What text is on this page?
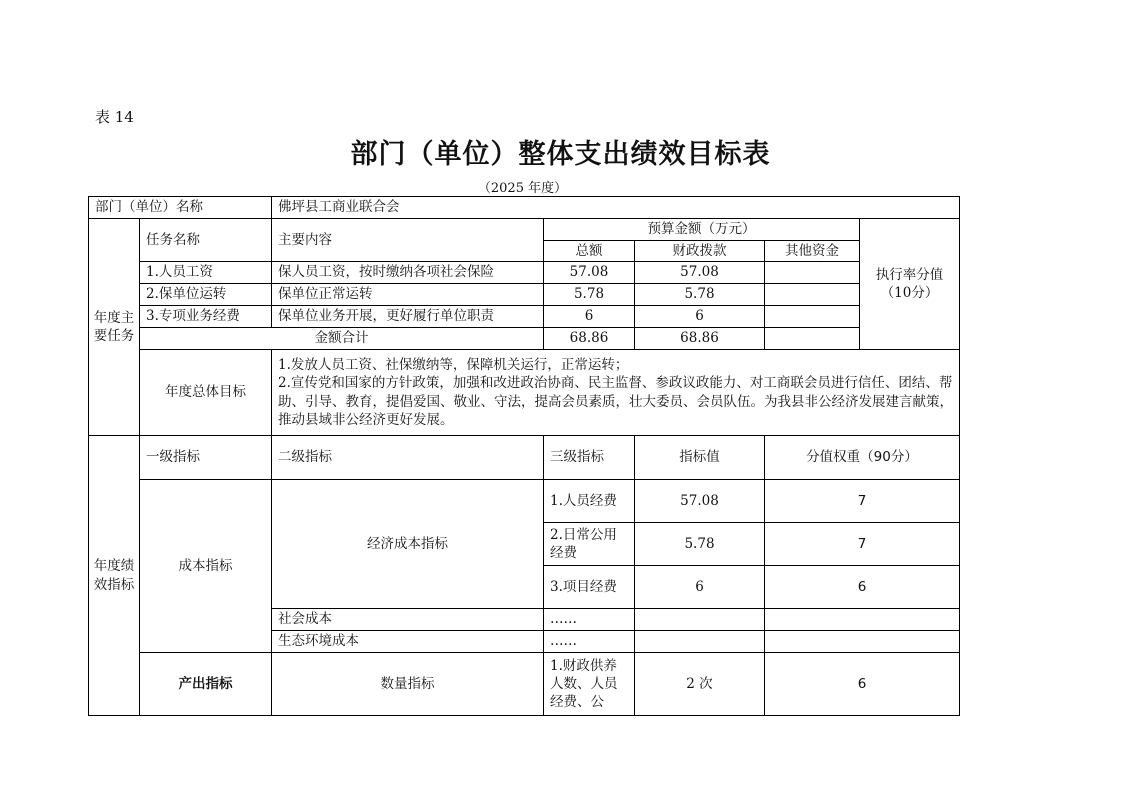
表 14
部门（单位）整体支出绩效目标表
（2025 年度）
部门（单位）名称		佛坪县工商业联合会				
年度主要任务	任务名称	主要内容	预算金额（万元）			执行率分值
（10分）

			总额	财政拨款	其他资金	
	1.人员工资	保人员工资，按时缴纳各项社会保险	57.08	57.08		
	2.保单位运转	保单位正常运转	5.78	5.78		
	3.专项业务经费	保单位业务开展，更好履行单位职责	6	6		
	金额合计		68.86	68.86		
	年度总体目标	1.发放人员工资、社保缴纳等，保障机关运行，正常运转；
2.宣传党和国家的方针政策，加强和改进政治协商、民主监督、参政议政能力、对工商联会员进行信任、团结、帮助、引导、教育，提倡爱国、敬业、守法，提高会员素质，壮大委员、会员队伍。为我县非公经济发展建言献策，推动县域非公经济更好发展。				

年度绩效指标	一级指标	二级指标	三级指标	指标值	分值权重（90分）	
	成本指标	经济成本指标	1.人员经费	57.08	7	
			2.日常公用经费	5.78	7	
			3.项目经费	6	6	
		社会成本	……			
		生态环境成本	……			
	产出指标	数量指标	1.财政供养人数、人员经费、公	2 次	6	
